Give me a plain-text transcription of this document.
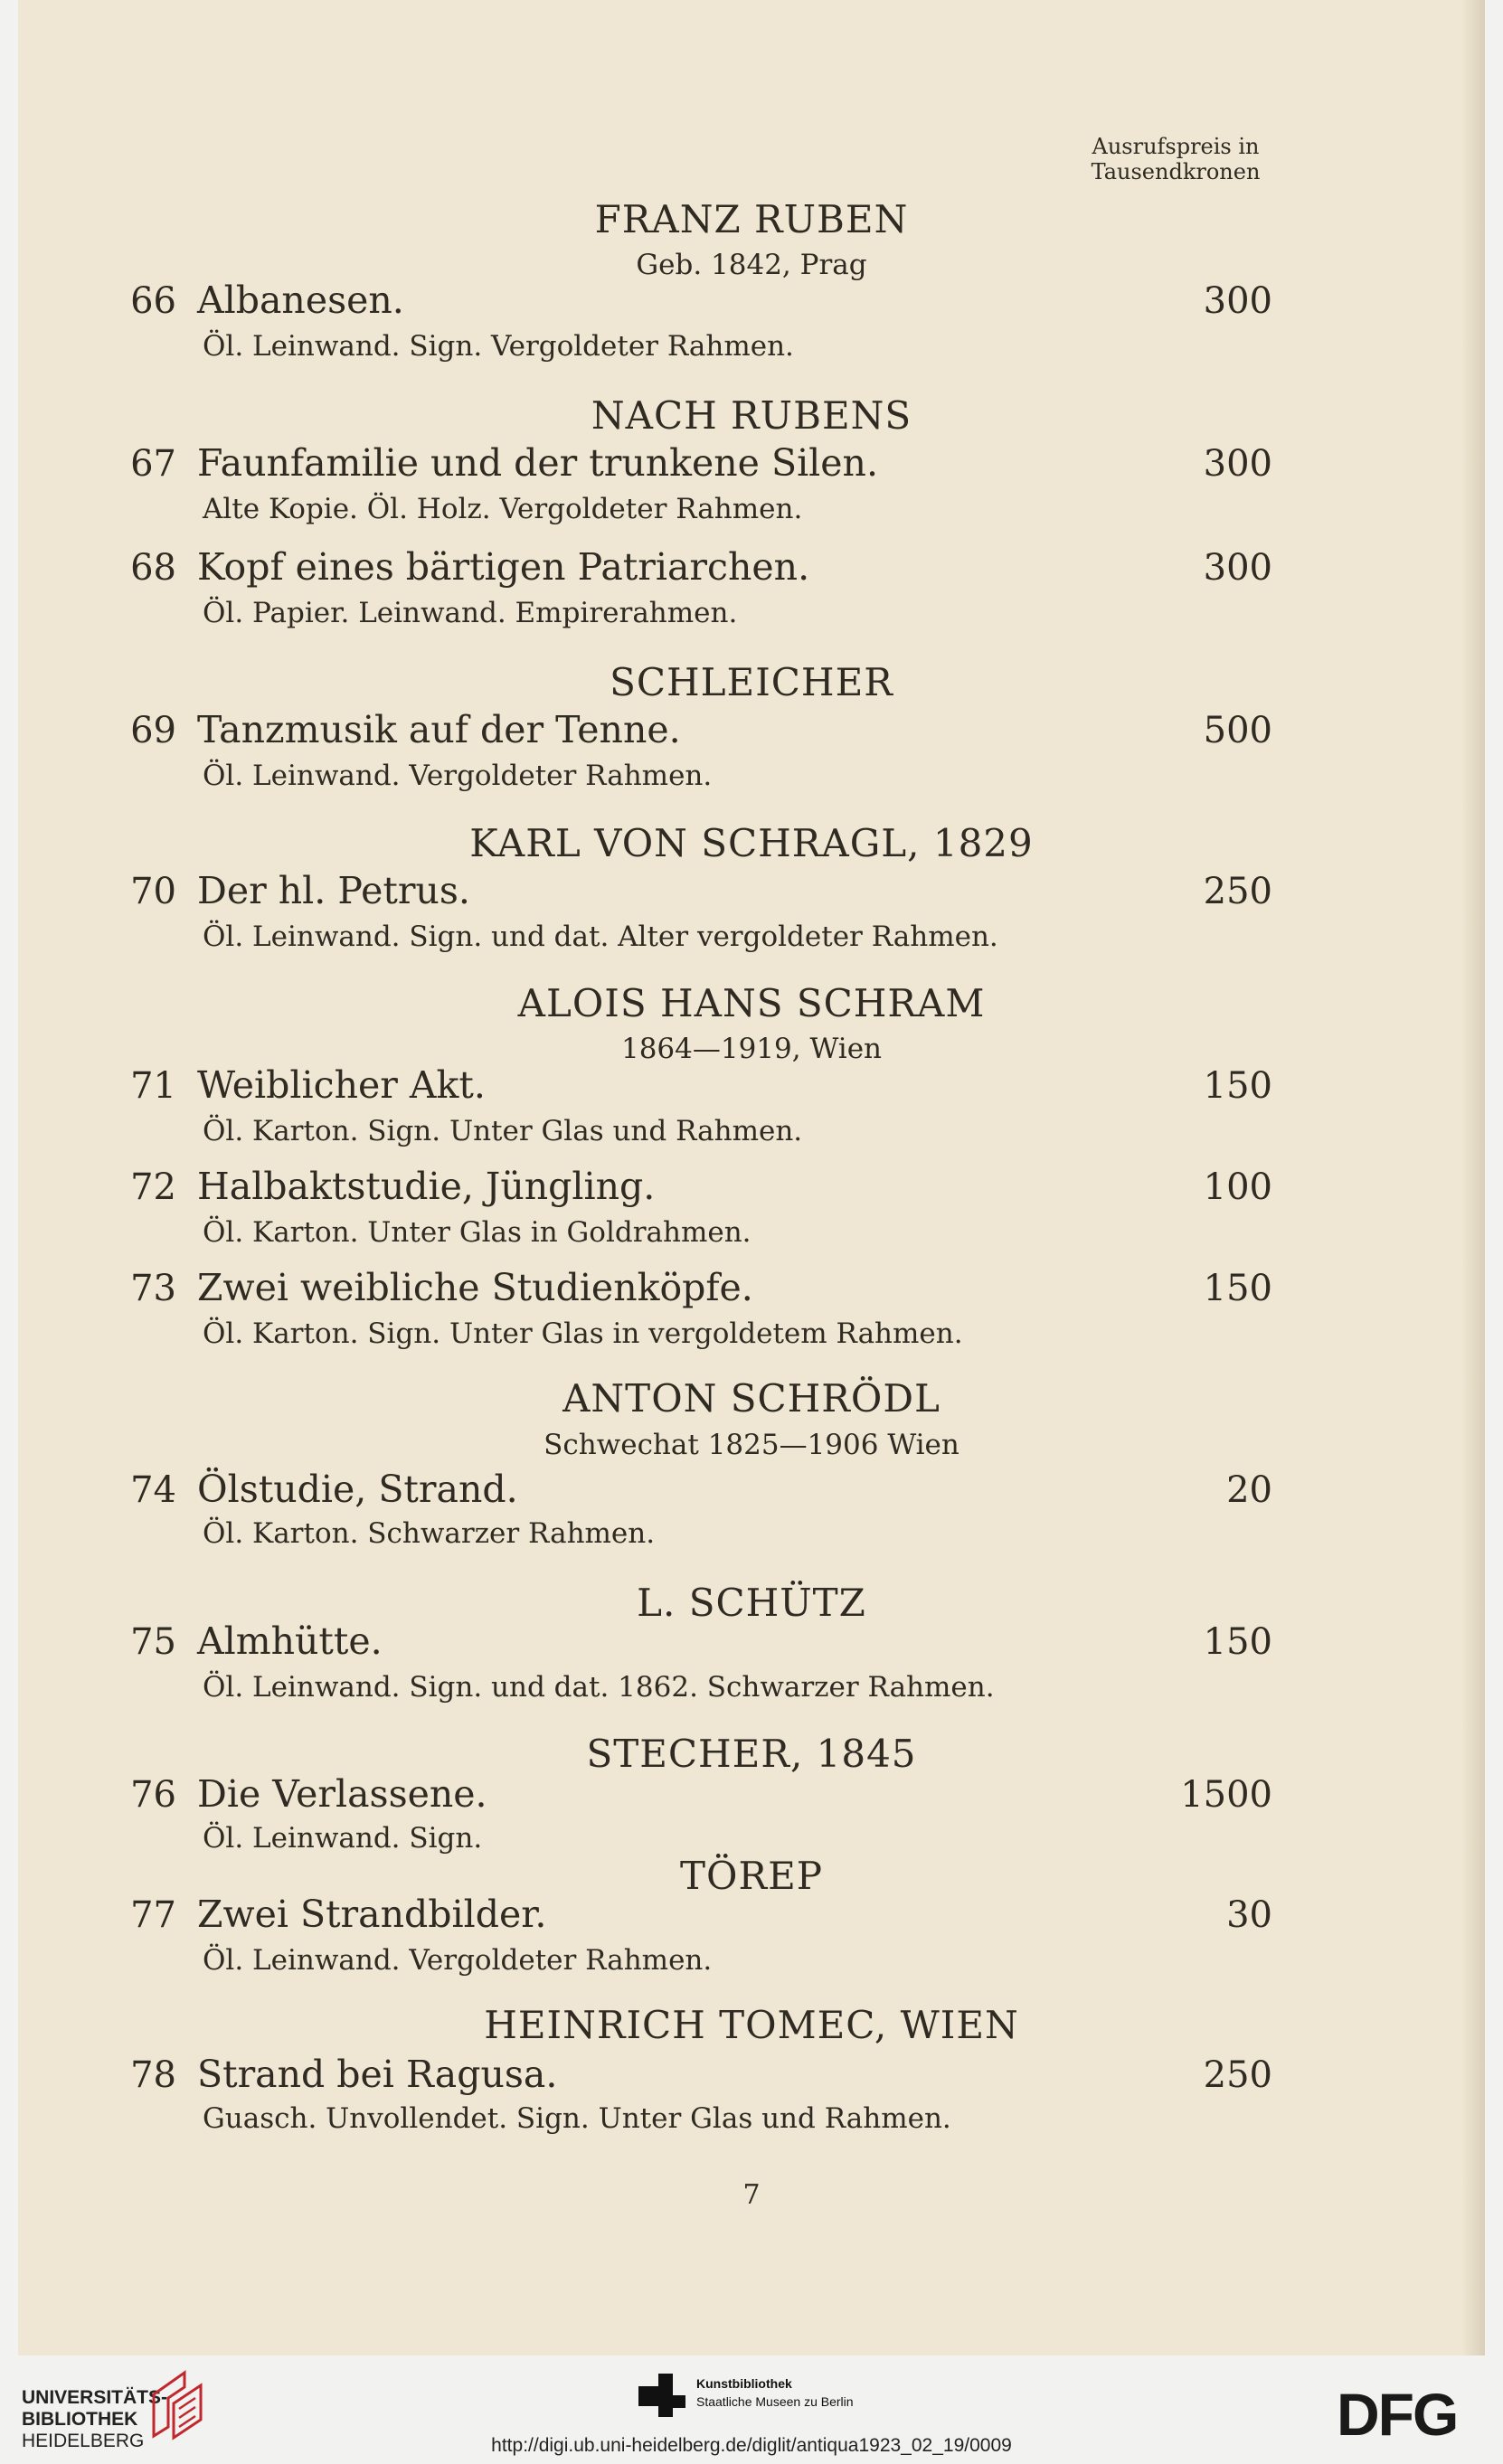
Ausrufspreis in
Tausendkronen
FRANZ RUBEN
Geb. 1842, Prag
66 Albanesen.	300
Öl. Leinwand. Sign. Vergoldeter Rahmen.
NACH RUBENS
67 Faunfamilie und der trunkene Silen.	300
Alte Kopie. Öl. Holz. Vergoldeter Rahmen.
68 Kopf eines bärtigen Patriarchen.	300
Öl. Papier. Leinwand. Empirerahmen.
SCHLEICHER
69 Tanzmusik auf der Tenne.	500
Öl. Leinwand. Vergoldeter Rahmen.
KARL VON SCHRAGL, 1829
70 Der hl. Petrus.	250
Öl. Leinwand. Sign. und dat. Alter vergoldeter Rahmen.
ALOIS HANS SCHRAM
1864—1919, Wien
71 Weiblicher Akt.	150
Öl. Karton. Sign. Unter Glas und Rahmen.
72 Halbaktstudie, Jüngling.	100
Öl. Karton. Unter Glas in Goldrahmen.
73 Zwei weibliche Studienköpfe.	150
Öl. Karton. Sign. Unter Glas in vergoldetem Rahmen.
ANTON SCHRÖDL
Schwechat 1825—1906 Wien
74 Ölstudie, Strand.	20
Öl. Karton. Schwarzer Rahmen.
L. SCHÜTZ
75 Almhütte.	150
Öl. Leinwand. Sign. und dat. 1862. Schwarzer Rahmen.
STECHER, 1845
76 Die Verlassene.	1500
Öl. Leinwand. Sign.
TÖREP
77 Zwei Strandbilder.	30
Öl. Leinwand. Vergoldeter Rahmen.
HEINRICH TOMEC, WIEN
78 Strand bei Ragusa.	250
Guasch. Unvollendet. Sign. Unter Glas und Rahmen.
7
UNIVERSITÄTS-
BIBLIOTHEK
HEIDELBERG
Kunstbibliothek
Staatliche Museen zu Berlin	DFG
http://digi.ub.uni-heidelberg.de/diglit/antiqua1923_02_19/0009
